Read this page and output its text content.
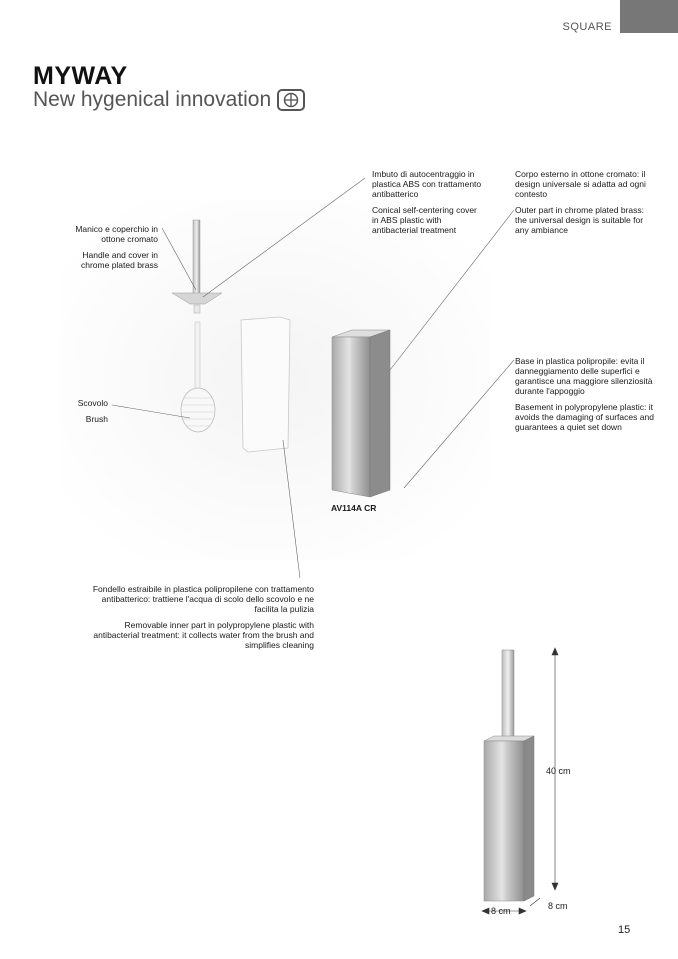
SQUARE
MYWAY
New hygenical innovation

Imbuto di autocentraggio in plastica ABS con trattamento antibatterico

Conical self-centering cover in ABS plastic with antibacterial treatment

Corpo esterno in ottone cromato: il design universale si adatta ad ogni contesto

Outer part in chrome plated brass: the universal design is suitable for any ambiance

Manico e coperchio in ottone cromato

Handle and cover in chrome plated brass

Base in plastica polipropile: evita il danneggiamento delle superfici e garantisce una maggiore silenziosità durante l'appoggio

Basement in polypropylene plastic: it avoids the damaging of surfaces and guarantees a quiet set down

Scovolo

Brush

AV114A CR

Fondello estraibile in plastica polipropilene con trattamento antibatterico: trattiene l'acqua di scolo dello scovolo e ne facilita la pulizia

Removable inner part in polypropylene plastic with antibacterial treatment: it collects water from the brush and simplifies cleaning

40 cm
8 cm	8 cm
15
